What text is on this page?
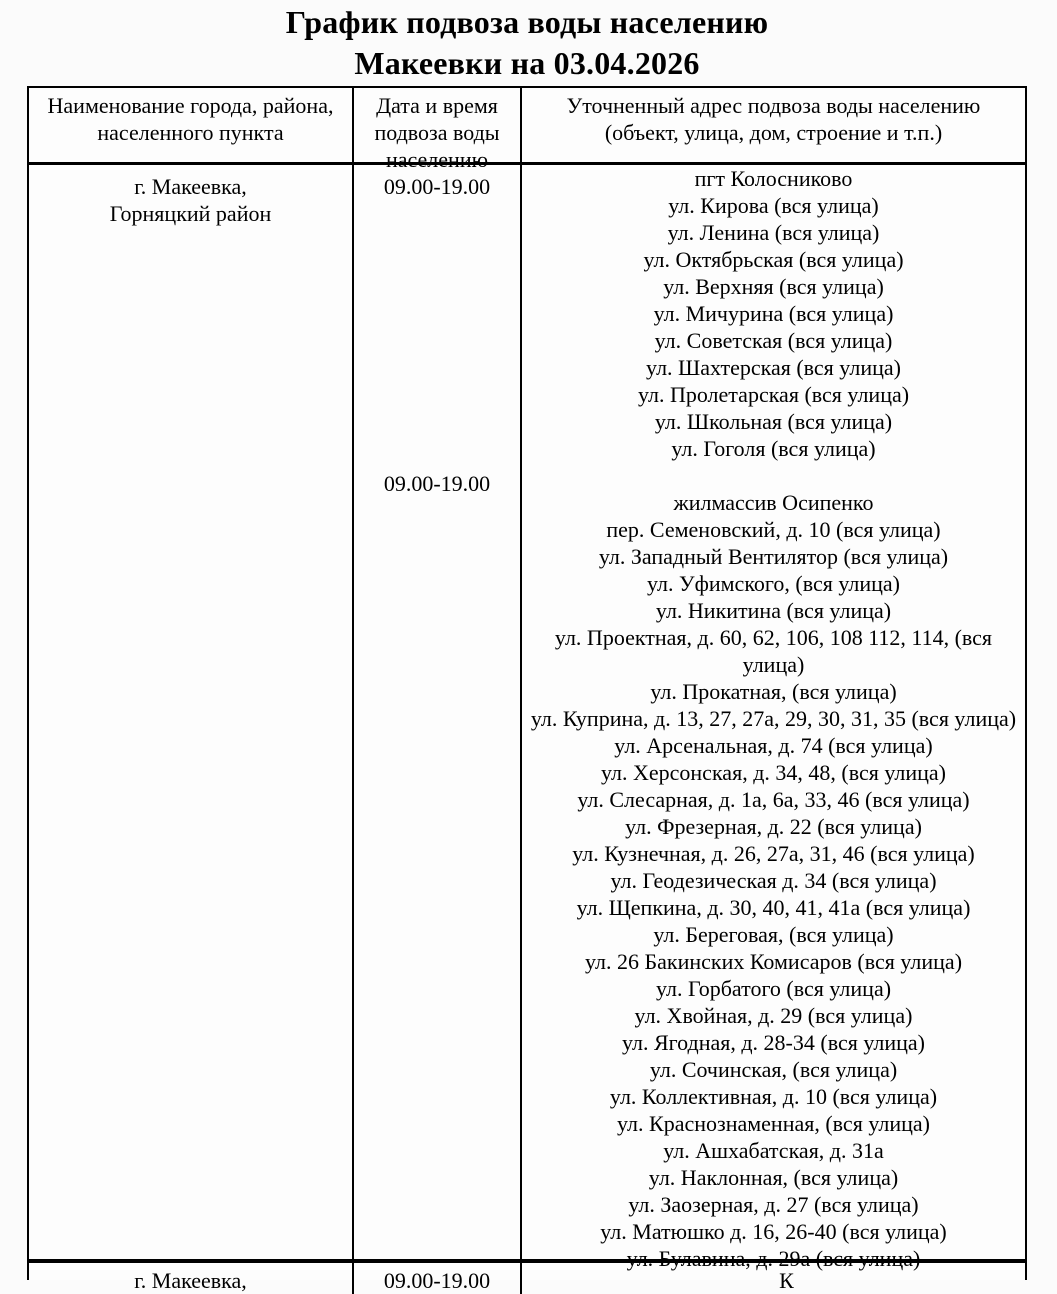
График подвоза воды населению
Макеевки на 03.04.2026
Наименование города, района,
населенного пункта
Дата и время
подвоза воды
населению
Уточненный адрес подвоза воды населению
(объект, улица, дом, строение и т.п.)
г. Макеевка,
Горняцкий район
09.00-19.00
09.00-19.00
пгт Колосниково
ул. Кирова (вся улица)
ул. Ленина (вся улица)
ул. Октябрьская (вся улица)
ул. Верхняя (вся улица)
ул. Мичурина (вся улица)
ул. Советская (вся улица)
ул. Шахтерская (вся улица)
ул. Пролетарская (вся улица)
ул. Школьная (вся улица)
ул. Гоголя (вся улица)
жилмассив Осипенко
пер. Семеновский, д. 10 (вся улица)
ул. Западный Вентилятор (вся улица)
ул. Уфимского, (вся улица)
ул. Никитина (вся улица)
ул. Проектная, д. 60, 62, 106, 108 112, 114, (вся улица)
ул. Прокатная, (вся улица)
ул. Куприна, д. 13, 27, 27а, 29, 30, 31, 35 (вся улица)
ул. Арсенальная, д. 74 (вся улица)
ул. Херсонская, д. 34, 48, (вся улица)
ул. Слесарная, д. 1а, 6а, 33, 46 (вся улица)
ул. Фрезерная, д. 22 (вся улица)
ул. Кузнечная, д. 26, 27а, 31, 46 (вся улица)
ул. Геодезическая д. 34 (вся улица)
ул. Щепкина, д. 30, 40, 41, 41а (вся улица)
ул. Береговая, (вся улица)
ул. 26 Бакинских Комисаров (вся улица)
ул. Горбатого (вся улица)
ул. Хвойная, д. 29 (вся улица)
ул. Ягодная, д. 28-34 (вся улица)
ул. Сочинская, (вся улица)
ул. Коллективная, д. 10 (вся улица)
ул. Краснознаменная, (вся улица)
ул. Ашхабатская, д. 31а
ул. Наклонная, (вся улица)
ул. Заозерная, д. 27 (вся улица)
ул. Матюшко д. 16, 26-40 (вся улица)
ул. Булавина, д. 29а (вся улица)
г. Макеевка,	09.00-19.00	К
